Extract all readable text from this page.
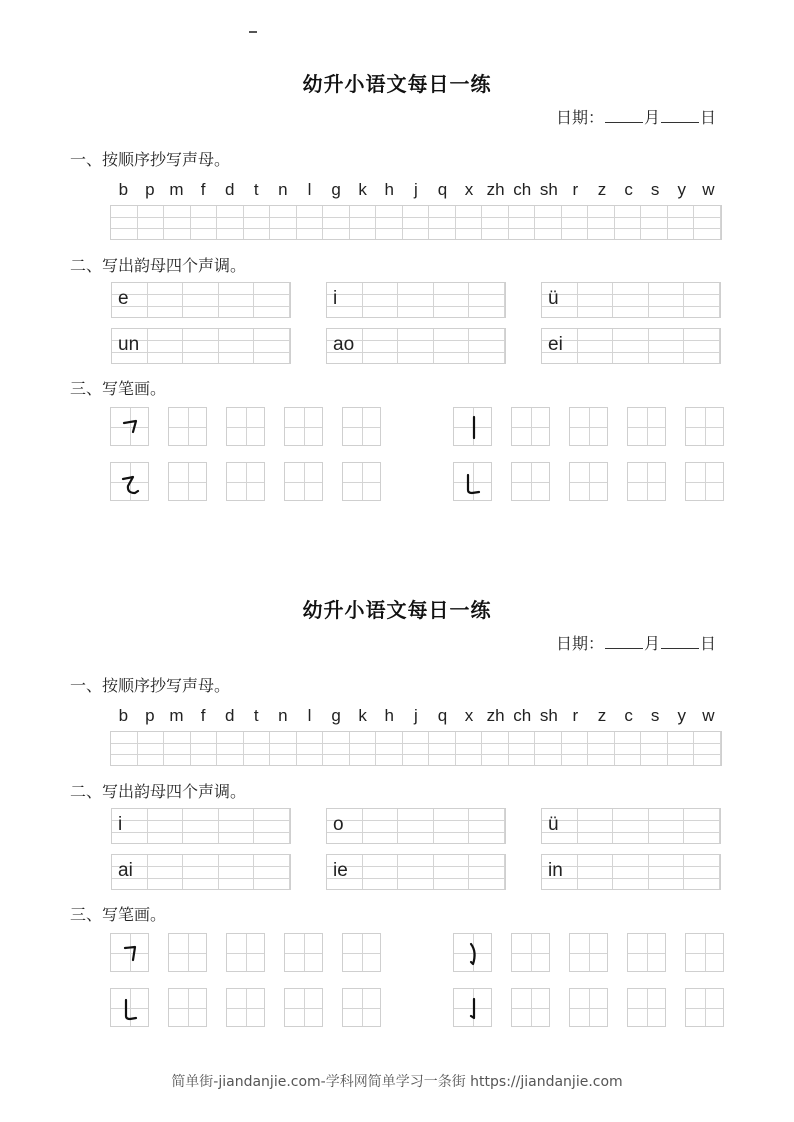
幼升小语文每日一练
日期：	月	日
一、按顺序抄写声母。
b	p m	f	d	t	n	l	g	k	h	j	q	x zh ch sh r	z	c	s	y w
二、写出韵母四个声调。
e	i	ü
un	ao	ei
三、写笔画。
幼升小语文每日一练
日期：	月	日
一、按顺序抄写声母。
b	p m	f	d	t	n	l	g	k	h	j	q	x zh ch sh r	z	c	s	y w
二、写出韵母四个声调。
i	o	ü
ai	ie	in
三、写笔画。
简单街-jiandanjie.com-学科网简单学习一条街 https://jiandanjie.com
